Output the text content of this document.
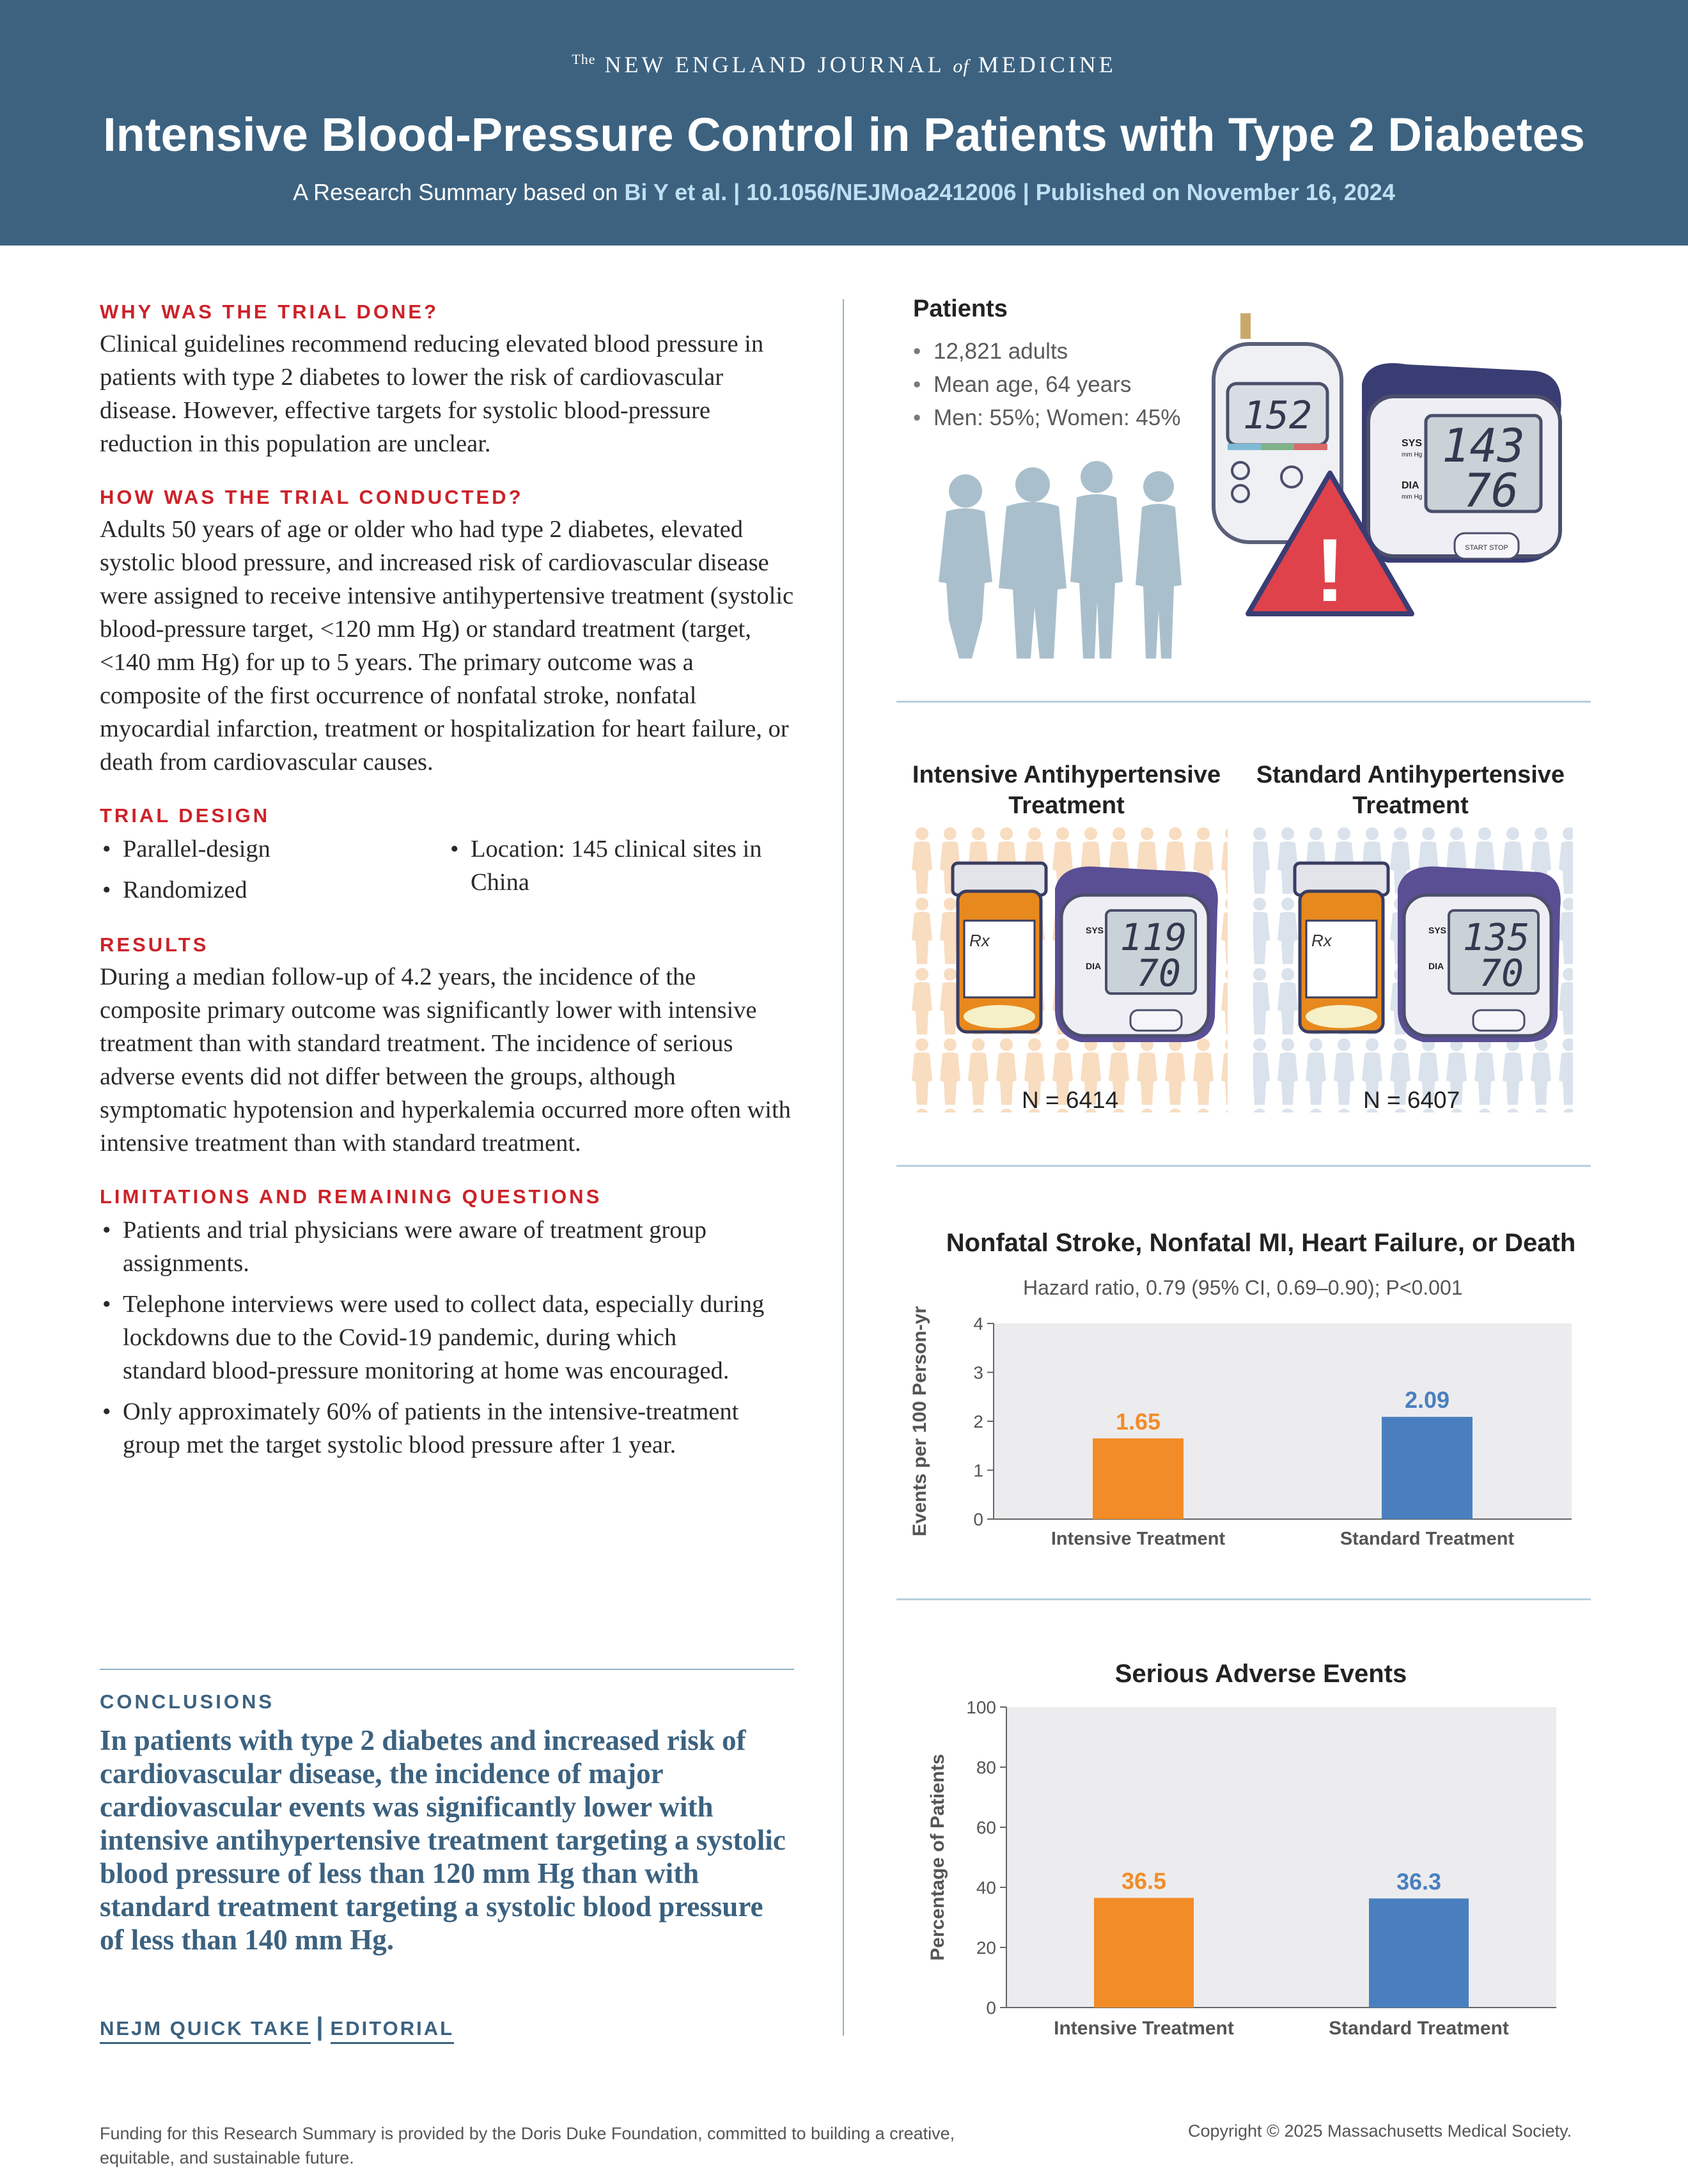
$^{The}$ NEW ENGLAND JOURNAL of MEDICINE
Intensive Blood-Pressure Control in Patients with Type 2 Diabetes
A Research Summary based on Bi Y et al. | 10.1056/NEJMoa2412006 | Published on November 16, 2024
WHY WAS THE TRIAL DONE?

Clinical guidelines recommend reducing elevated blood pressure in patients with type 2 diabetes to lower the risk of cardiovascular disease. However, effective targets for systolic blood-pressure reduction in this population are unclear.

HOW WAS THE TRIAL CONDUCTED?

Adults 50 years of age or older who had type 2 diabetes, elevated systolic blood pressure, and increased risk of cardiovascular disease were assigned to receive intensive antihypertensive treatment (systolic blood-pressure target, <120 mm Hg) or standard treatment (target, <140 mm Hg) for up to 5 years. The primary outcome was a composite of the first occurrence of nonfatal stroke, nonfatal myocardial infarction, treatment or hospitalization for heart failure, or death from cardiovascular causes.

TRIAL DESIGN
• Parallel-design
• Randomized
• Location: 145 clinical sites in China
RESULTS

During a median follow-up of 4.2 years, the incidence of the composite primary outcome was significantly lower with intensive treatment than with standard treatment. The incidence of serious adverse events did not differ between the groups, although symptomatic hypotension and hyperkalemia occurred more often with intensive treatment than with standard treatment.

LIMITATIONS AND REMAINING QUESTIONS
• Patients and trial physicians were aware of treatment group assignments.
• Telephone interviews were used to collect data, especially during lockdowns due to the Covid-19 pandemic, during which standard blood-pressure monitoring at home was encouraged.
• Only approximately 60% of patients in the intensive-treatment group met the target systolic blood pressure after 1 year.
CONCLUSIONS
In patients with type 2 diabetes and increased risk of cardiovascular disease, the incidence of major cardiovascular events was significantly lower with intensive antihypertensive treatment targeting a systolic blood pressure of less than 120 mm Hg than with standard treatment targeting a systolic blood pressure of less than 140 mm Hg.
NEJM QUICK TAKE | EDITORIAL
Patients
• 12,821 adults
• Mean age, 64 years
• Men: 55%; Women: 45% 152
SYS
mm Hg
DIA
mm Hg
143
76
START STOP
!
Intensive Antihypertensive
Treatment
Standard Antihypertensive
Treatment
Rx
SYS
DIA
119
70
Rx
SYS
DIA
135
70
N = 6414	N = 6407
Nonfatal Stroke, Nonfatal MI, Heart Failure, or Death
Hazard ratio, 0.79 (95% CI, 0.69–0.90); P<0.001
0
1
2
3
4
1.65
Intensive Treatment
2.09
Standard Treatment
Events per 100 Person-yr
Serious Adverse Events
0
20
40
60
80
100
36.5
Intensive Treatment
36.3
Standard Treatment
Percentage of Patients
Funding for this Research Summary is provided by the Doris Duke Foundation, committed to building a creative, equitable, and sustainable future.
Copyright © 2025 Massachusetts Medical Society.
